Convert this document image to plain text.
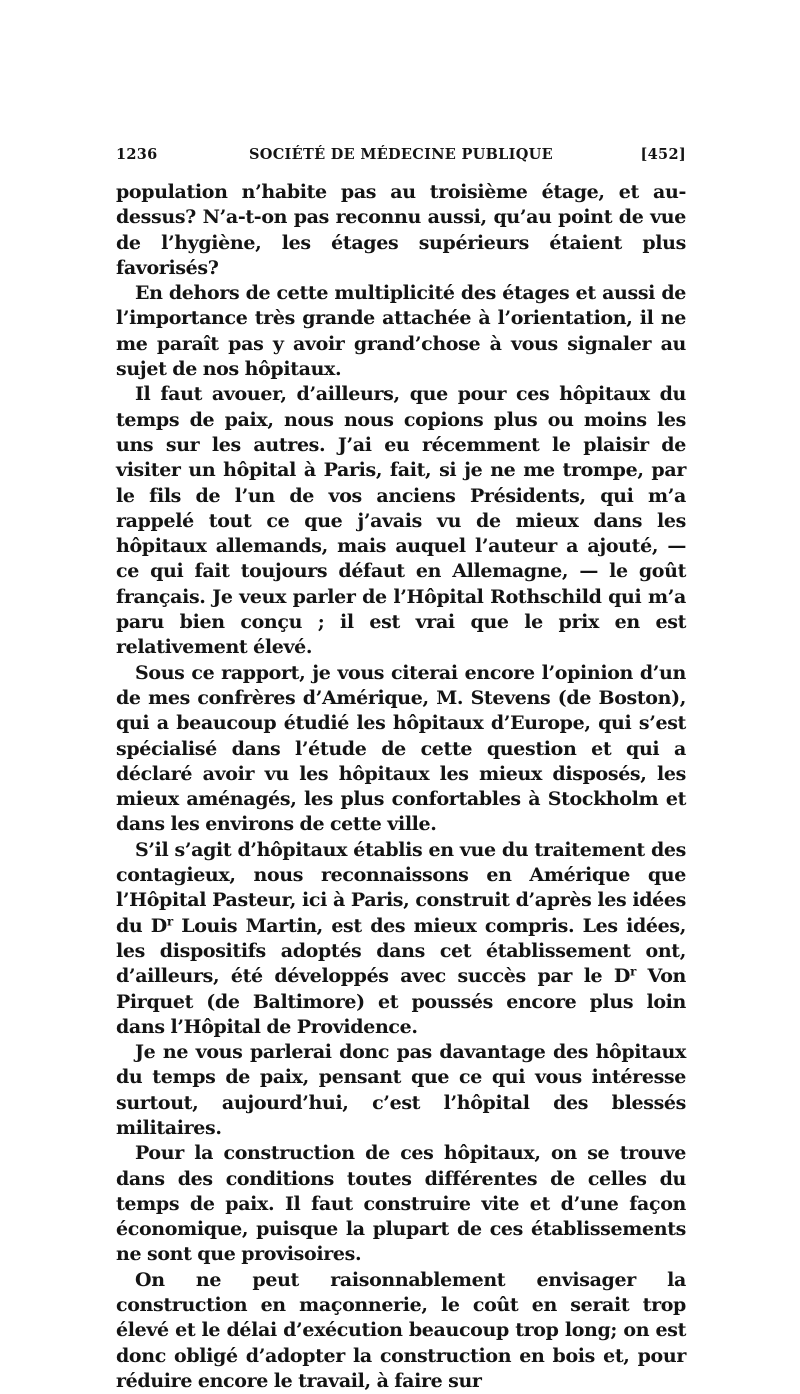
1236	SOCIÉTÉ DE MÉDECINE PUBLIQUE	[452]

population n’habite pas au troisième étage, et au-dessus? N’a-t-on pas reconnu aussi, qu’au point de vue de l’hygiène, les étages supérieurs étaient plus favorisés?

En dehors de cette multiplicité des étages et aussi de l’importance très grande attachée à l’orientation, il ne me paraît pas y avoir grand’chose à vous signaler au sujet de nos hôpitaux.

Il faut avouer, d’ailleurs, que pour ces hôpitaux du temps de paix, nous nous copions plus ou moins les uns sur les autres. J’ai eu récemment le plaisir de visiter un hôpital à Paris, fait, si je ne me trompe, par le fils de l’un de vos anciens Présidents, qui m’a rappelé tout ce que j’avais vu de mieux dans les hôpitaux allemands, mais auquel l’auteur a ajouté, — ce qui fait toujours défaut en Allemagne, — le goût français. Je veux parler de l’Hôpital Rothschild qui m’a paru bien conçu ; il est vrai que le prix en est relativement élevé.

Sous ce rapport, je vous citerai encore l’opinion d’un de mes confrères d’Amérique, M. Stevens (de Boston), qui a beaucoup étudié les hôpitaux d’Europe, qui s’est spécialisé dans l’étude de cette question et qui a déclaré avoir vu les hôpitaux les mieux disposés, les mieux aménagés, les plus confortables à Stockholm et dans les environs de cette ville.

S’il s’agit d’hôpitaux établis en vue du traitement des contagieux, nous reconnaissons en Amérique que l’Hôpital Pasteur, ici à Paris, construit d’après les idées du $D^r$ Louis Martin, est des mieux compris. Les idées, les dispositifs adoptés dans cet établissement ont, d’ailleurs, été développés avec succès par le $D^r$ Von Pirquet (de Baltimore) et poussés encore plus loin dans l’Hôpital de Providence.

Je ne vous parlerai donc pas davantage des hôpitaux du temps de paix, pensant que ce qui vous intéresse surtout, aujourd’hui, c’est l’hôpital des blessés militaires.

Pour la construction de ces hôpitaux, on se trouve dans des conditions toutes différentes de celles du temps de paix. Il faut construire vite et d’une façon économique, puisque la plupart de ces établissements ne sont que provisoires.

On ne peut raisonnablement envisager la construction en maçonnerie, le coût en serait trop élevé et le délai d’exécution beaucoup trop long; on est donc obligé d’adopter la construction en bois et, pour réduire encore le travail, à faire sur
